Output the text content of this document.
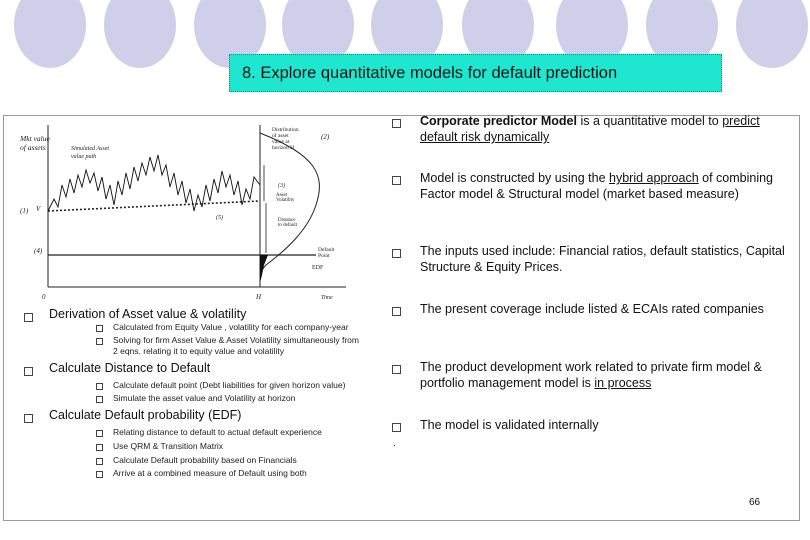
8. Explore quantitative models for default prediction
Mkt value
of assets	Simulated Asset
value path
Distribution
of asset
value at
horizon H
(2)
(3)
Asset
Volatility
(5)	Distance
to default
(1) V
(4)	Default
Point
EDF
0	H	Time
Corporate predictor Model is a quantitative model to predict default risk dynamically
Model is constructed by using the hybrid approach of combining Factor model & Structural model (market based measure)
The inputs used include: Financial ratios, default statistics, Capital Structure & Equity Prices.
The present coverage include listed & ECAIs rated companies
The product development work related to private firm model & portfolio management model is in process
The model is validated internally
.
Derivation of Asset value & volatility
Calculated from Equity Value , volatility for each company-year
Solving for firm Asset Value & Asset Volatility simultaneously from 2 eqns. relating it to equity value and volatility
Calculate Distance to Default
Calculate default point (Debt liabilities for given horizon value)
Simulate the asset value and Volatility at horizon
Calculate Default probability (EDF)
Relating distance to default to actual default experience
Use QRM & Transition Matrix
Calculate Default probability based on Financials
Arrive at a combined measure of Default using both
66
